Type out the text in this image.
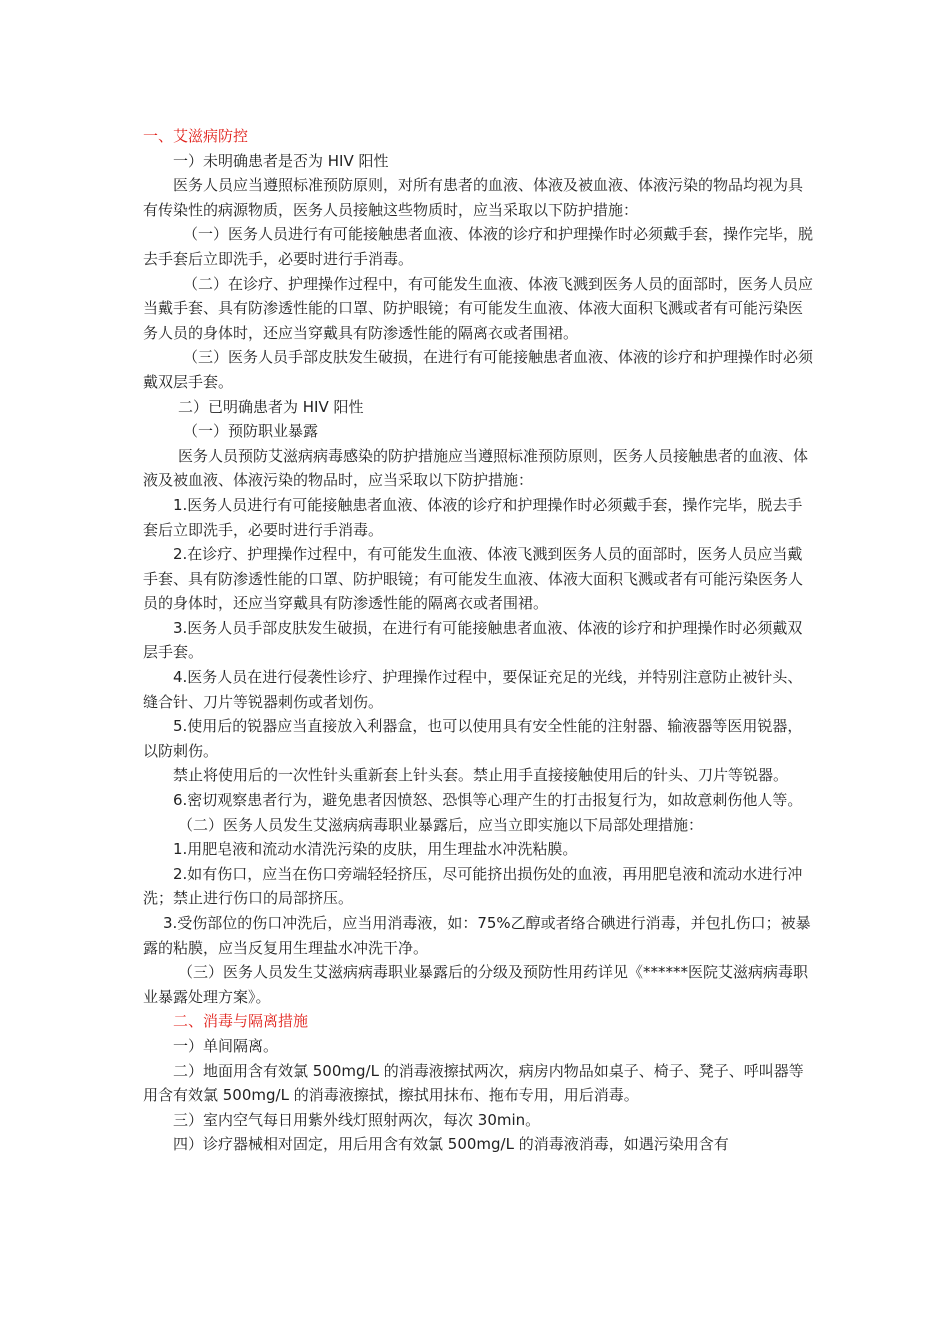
一、艾滋病防控

一）未明确患者是否为 HIV 阳性

医务人员应当遵照标准预防原则，对所有患者的血液、体液及被血液、体液污染的物品均视为具有传染性的病源物质，医务人员接触这些物质时，应当采取以下防护措施：

（一）医务人员进行有可能接触患者血液、体液的诊疗和护理操作时必须戴手套，操作完毕，脱去手套后立即洗手，必要时进行手消毒。

（二）在诊疗、护理操作过程中，有可能发生血液、体液飞溅到医务人员的面部时，医务人员应当戴手套、具有防渗透性能的口罩、防护眼镜；有可能发生血液、体液大面积飞溅或者有可能污染医务人员的身体时，还应当穿戴具有防渗透性能的隔离衣或者围裙。

（三）医务人员手部皮肤发生破损，在进行有可能接触患者血液、体液的诊疗和护理操作时必须戴双层手套。

二）已明确患者为 HIV 阳性

（一）预防职业暴露

医务人员预防艾滋病病毒感染的防护措施应当遵照标准预防原则，医务人员接触患者的血液、体液及被血液、体液污染的物品时，应当采取以下防护措施：

1.医务人员进行有可能接触患者血液、体液的诊疗和护理操作时必须戴手套，操作完毕，脱去手套后立即洗手，必要时进行手消毒。

2.在诊疗、护理操作过程中，有可能发生血液、体液飞溅到医务人员的面部时，医务人员应当戴手套、具有防渗透性能的口罩、防护眼镜；有可能发生血液、体液大面积飞溅或者有可能污染医务人员的身体时，还应当穿戴具有防渗透性能的隔离衣或者围裙。

3.医务人员手部皮肤发生破损，在进行有可能接触患者血液、体液的诊疗和护理操作时必须戴双层手套。

4.医务人员在进行侵袭性诊疗、护理操作过程中，要保证充足的光线，并特别注意防止被针头、缝合针、刀片等锐器刺伤或者划伤。

5.使用后的锐器应当直接放入利器盒，也可以使用具有安全性能的注射器、输液器等医用锐器，以防刺伤。

禁止将使用后的一次性针头重新套上针头套。禁止用手直接接触使用后的针头、刀片等锐器。

6.密切观察患者行为，避免患者因愤怒、恐惧等心理产生的打击报复行为，如故意刺伤他人等。

（二）医务人员发生艾滋病病毒职业暴露后，应当立即实施以下局部处理措施：

1.用肥皂液和流动水清洗污染的皮肤，用生理盐水冲洗粘膜。

2.如有伤口，应当在伤口旁端轻轻挤压，尽可能挤出损伤处的血液，再用肥皂液和流动水进行冲洗；禁止进行伤口的局部挤压。

3.受伤部位的伤口冲洗后，应当用消毒液，如：75%乙醇或者络合碘进行消毒，并包扎伤口；被暴露的粘膜，应当反复用生理盐水冲洗干净。

（三）医务人员发生艾滋病病毒职业暴露后的分级及预防性用药详见《******医院艾滋病病毒职业暴露处理方案》。

二、消毒与隔离措施

一）单间隔离。

二）地面用含有效氯 500mg/L 的消毒液擦拭两次，病房内物品如桌子、椅子、凳子、呼叫器等用含有效氯 500mg/L 的消毒液擦拭，擦拭用抹布、拖布专用，用后消毒。

三）室内空气每日用紫外线灯照射两次，每次 30min。

四）诊疗器械相对固定，用后用含有效氯 500mg/L 的消毒液消毒，如遇污染用含有
